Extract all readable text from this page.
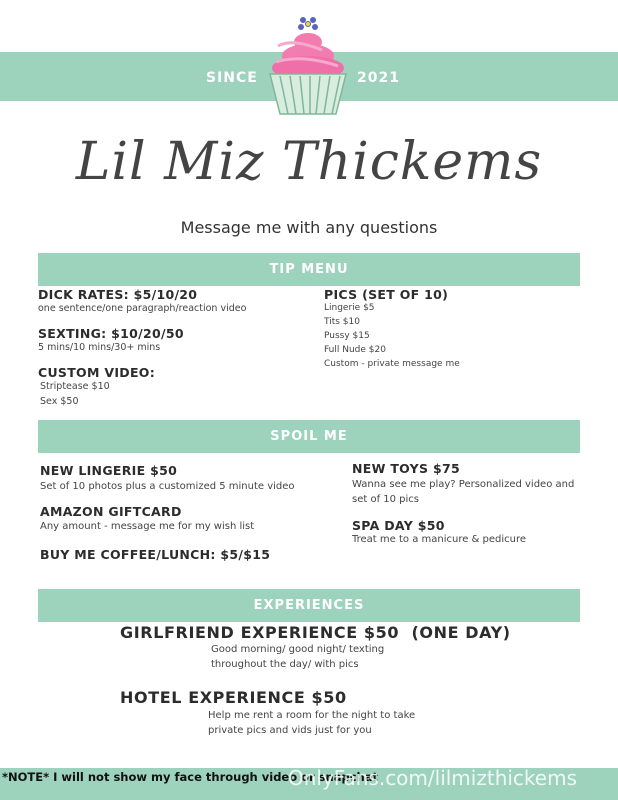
SINCE	2021
Lil Miz Thickems
Message me with any questions
TIP MENU
DICK RATES: $5/10/20
one sentence/one paragraph/reaction video
SEXTING: $10/20/50
5 mins/10 mins/30+ mins
CUSTOM VIDEO:
Striptease $10
Sex $50
PICS (SET OF 10)
Lingerie $5
Tits $10
Pussy $15
Full Nude $20
Custom - private message me
SPOIL ME
NEW LINGERIE $50
Set of 10 photos plus a customized 5 minute video
AMAZON GIFTCARD
Any amount - message me for my wish list
BUY ME COFFEE/LUNCH: $5/$15
NEW TOYS $75
Wanna see me play? Personalized video and
set of 10 pics
SPA DAY $50
Treat me to a manicure & pedicure
EXPERIENCES
GIRLFRIEND EXPERIENCE $50  (ONE DAY)
Good morning/ good night/ texting
throughout the day/ with pics
HOTEL EXPERIENCE $50
Help me rent a room for the night to take
private pics and vids just for you
*NOTE* I will not show my face through video or snapchat
OnlyFans.com/lilmizthickems
